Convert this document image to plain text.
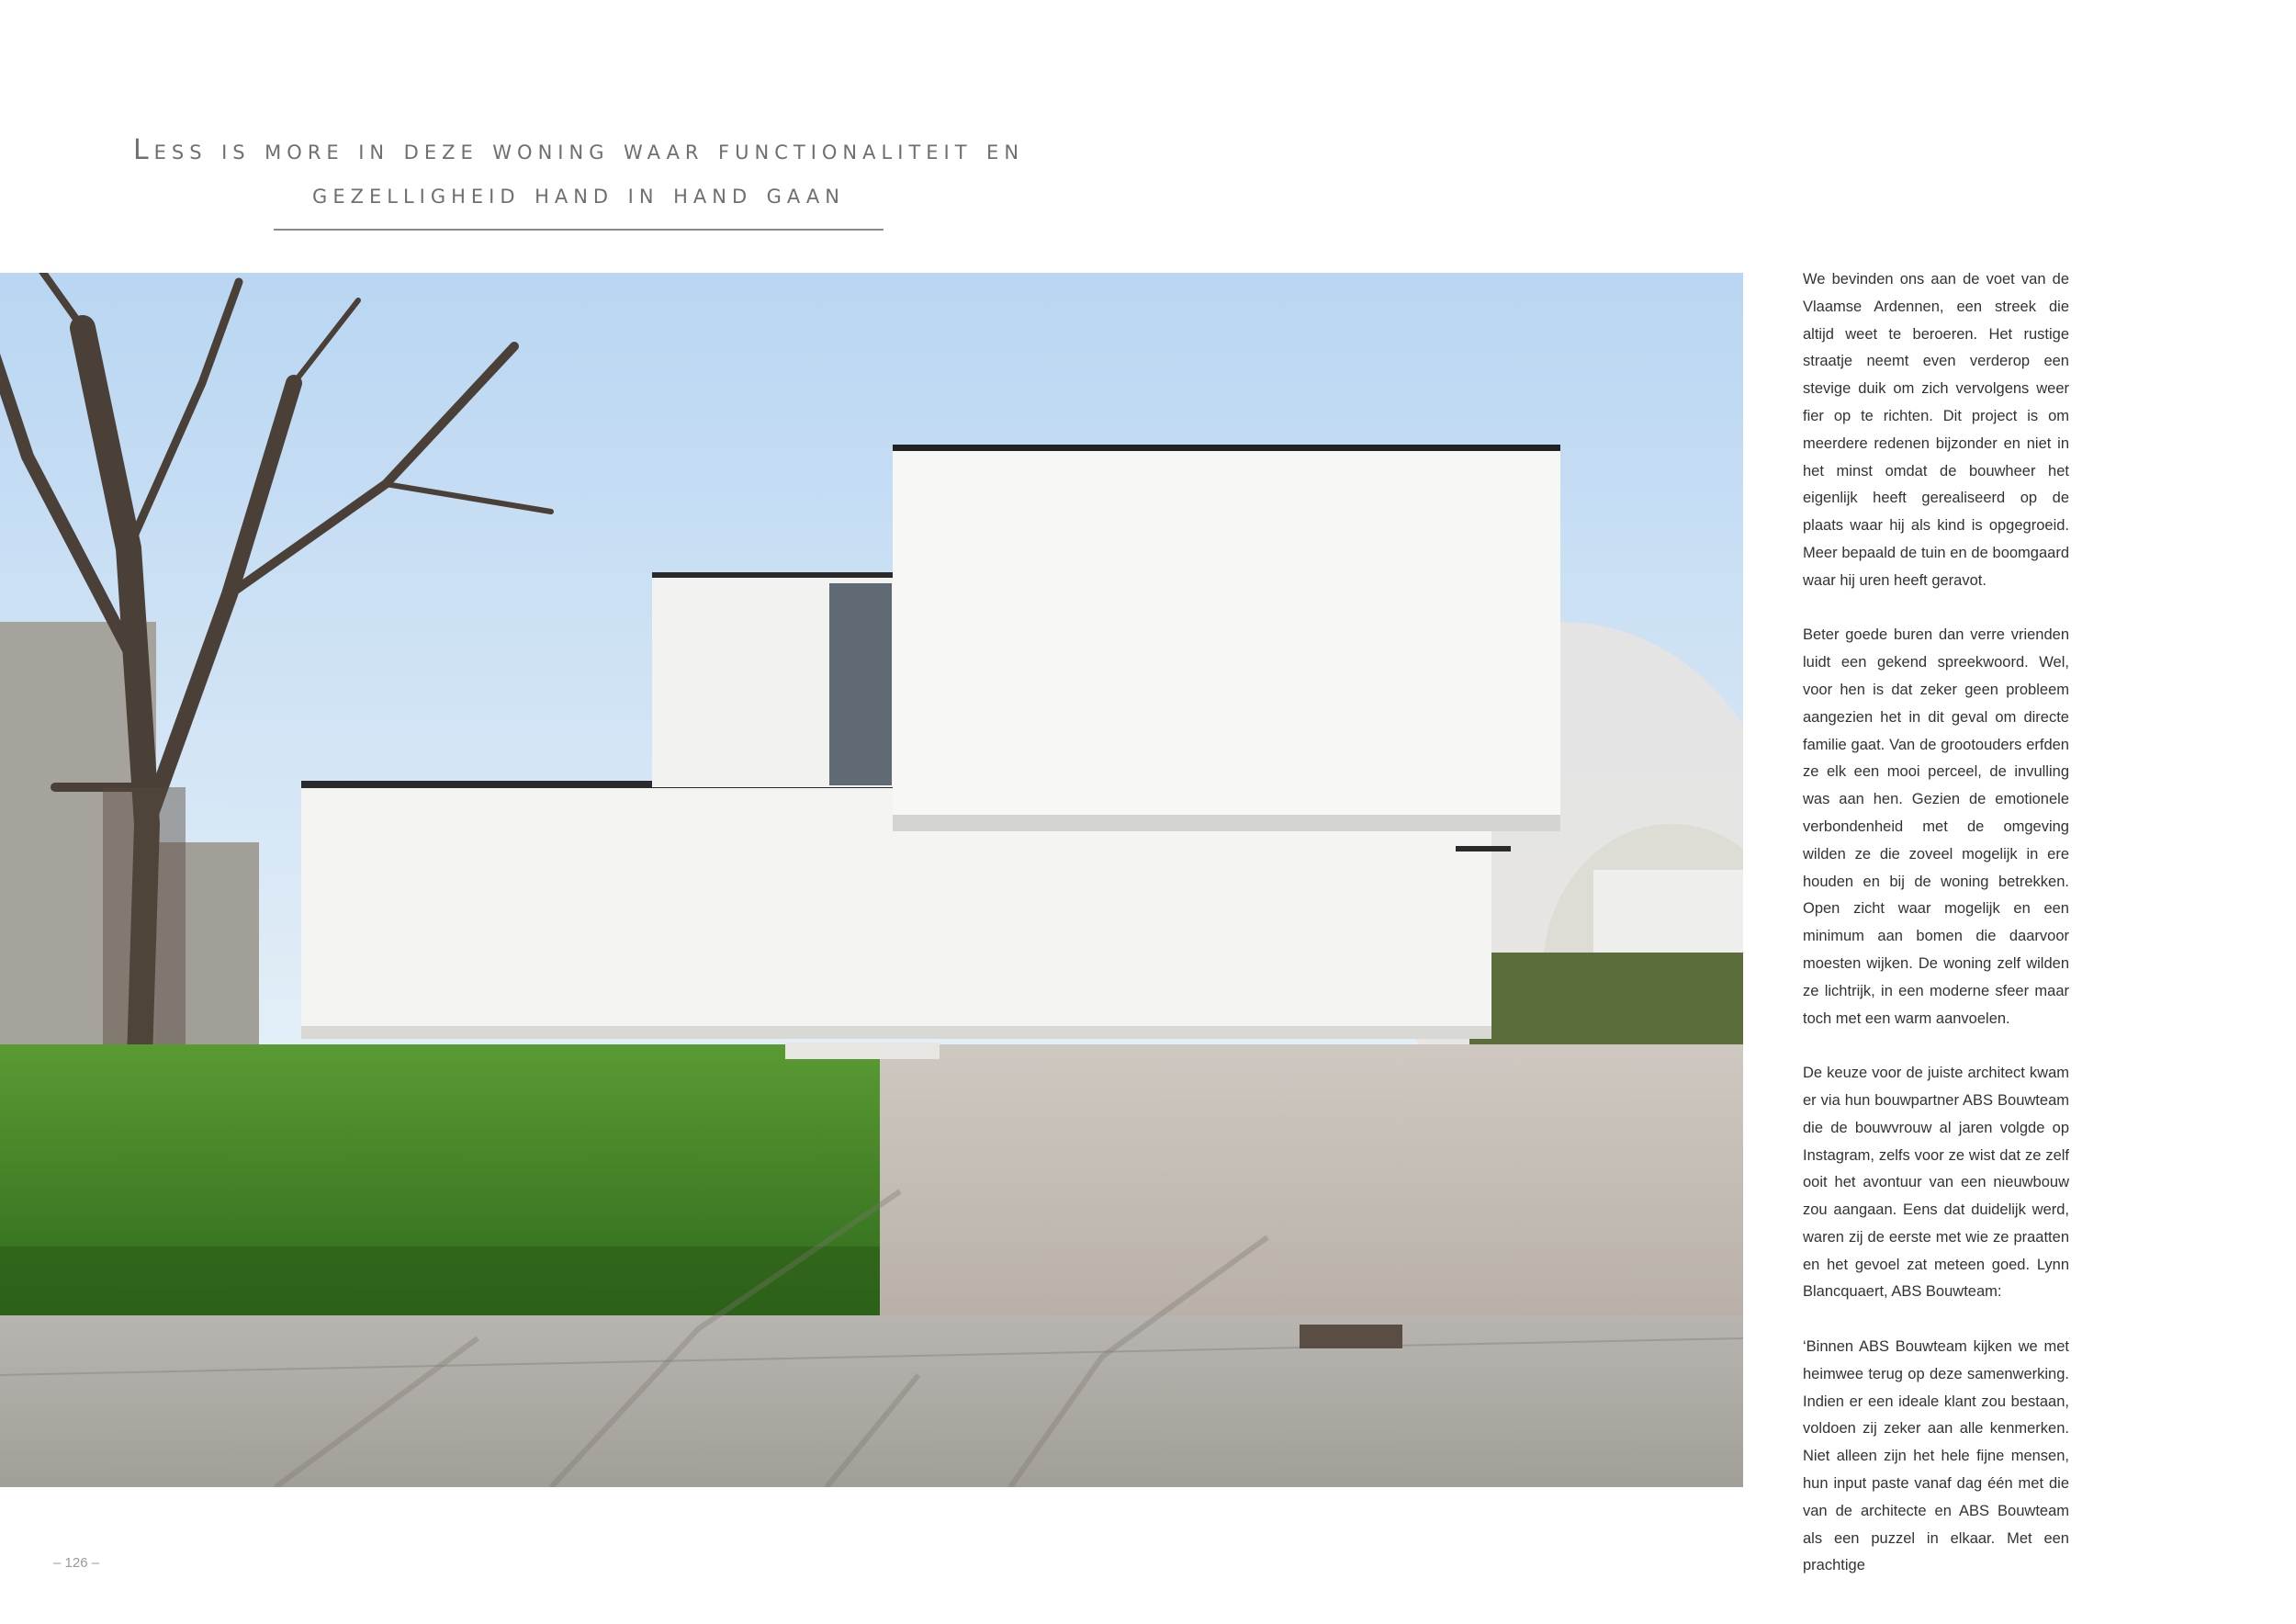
Less is more in deze woning waar functionaliteit en
gezelligheid hand in hand gaan

We bevinden ons aan de voet van de Vlaamse Ardennen, een streek die altijd weet te beroeren. Het rustige straatje neemt even verderop een stevige duik om zich vervolgens weer fier op te richten. Dit project is om meerdere redenen bijzonder en niet in het minst omdat de bouwheer het eigenlijk heeft gerealiseerd op de plaats waar hij als kind is opgegroeid. Meer bepaald de tuin en de boomgaard waar hij uren heeft geravot.

Beter goede buren dan verre vrienden luidt een gekend spreekwoord. Wel, voor hen is dat zeker geen probleem aangezien het in dit geval om directe familie gaat. Van de grootouders erfden ze elk een mooi perceel, de invulling was aan hen. Gezien de emotionele verbondenheid met de omgeving wilden ze die zoveel mogelijk in ere houden en bij de woning betrekken. Open zicht waar mogelijk en een minimum aan bomen die daarvoor moesten wijken. De woning zelf wilden ze lichtrijk, in een moderne sfeer maar toch met een warm aanvoelen.

De keuze voor de juiste architect kwam er via hun bouwpartner ABS Bouwteam die de bouwvrouw al jaren volgde op Instagram, zelfs voor ze wist dat ze zelf ooit het avontuur van een nieuwbouw zou aangaan. Eens dat duidelijk werd, waren zij de eerste met wie ze praatten en het gevoel zat meteen goed. Lynn Blancquaert, ABS Bouwteam:

‘Binnen ABS Bouwteam kijken we met heimwee terug op deze samenwerking. Indien er een ideale klant zou bestaan, voldoen zij zeker aan alle kenmerken. Niet alleen zijn het hele fijne mensen, hun input paste vanaf dag één met die van de architecte en ABS Bouwteam als een puzzel in elkaar. Met een prachtige

– 126 –
